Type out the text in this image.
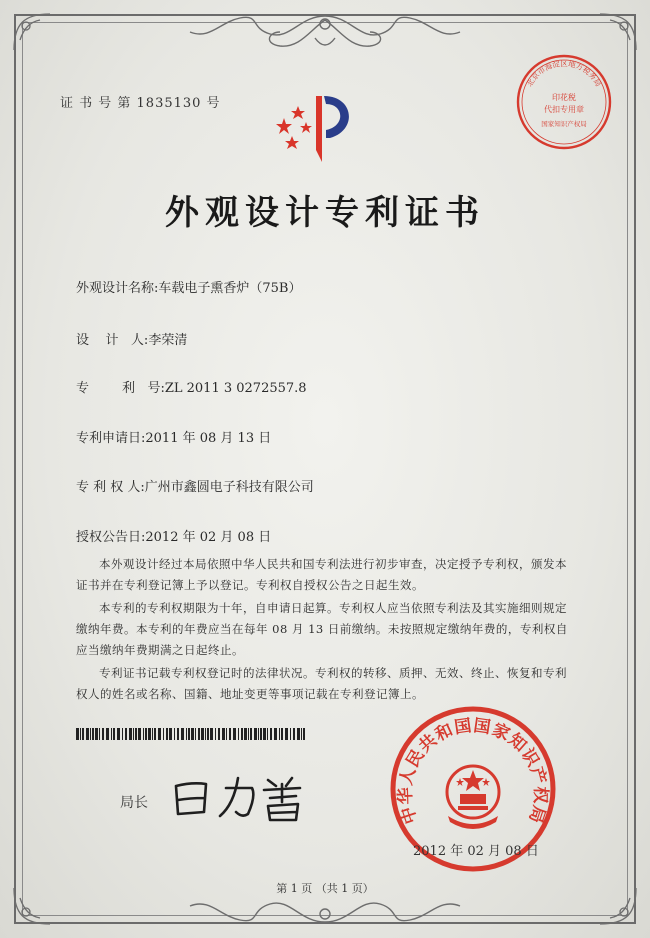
证 书 号 第 1835130 号
北京市海淀区地方税务局
印花税
代扣专用章
国家知识产权局
外观设计专利证书
外观设计名称:车载电子熏香炉（75B）
设    计   人:李荣清
专        利   号:ZL 2011 3 0272557.8
专利申请日:2011 年 08 月 13 日
专 利 权 人:广州市鑫圆电子科技有限公司
授权公告日:2012 年 02 月 08 日

本外观设计经过本局依照中华人民共和国专利法进行初步审查，决定授予专利权，颁发本证书并在专利登记簿上予以登记。专利权自授权公告之日起生效。

本专利的专利权期限为十年，自申请日起算。专利权人应当依照专利法及其实施细则规定缴纳年费。本专利的年费应当在每年 08 月 13 日前缴纳。未按照规定缴纳年费的，专利权自应当缴纳年费期满之日起终止。

专利证书记载专利权登记时的法律状况。专利权的转移、质押、无效、终止、恢复和专利权人的姓名或名称、国籍、地址变更等事项记载在专利登记簿上。

局长	中华人民共和国国家知识产权局
2012 年 02 月 08 日
第 1 页 （共 1 页）
